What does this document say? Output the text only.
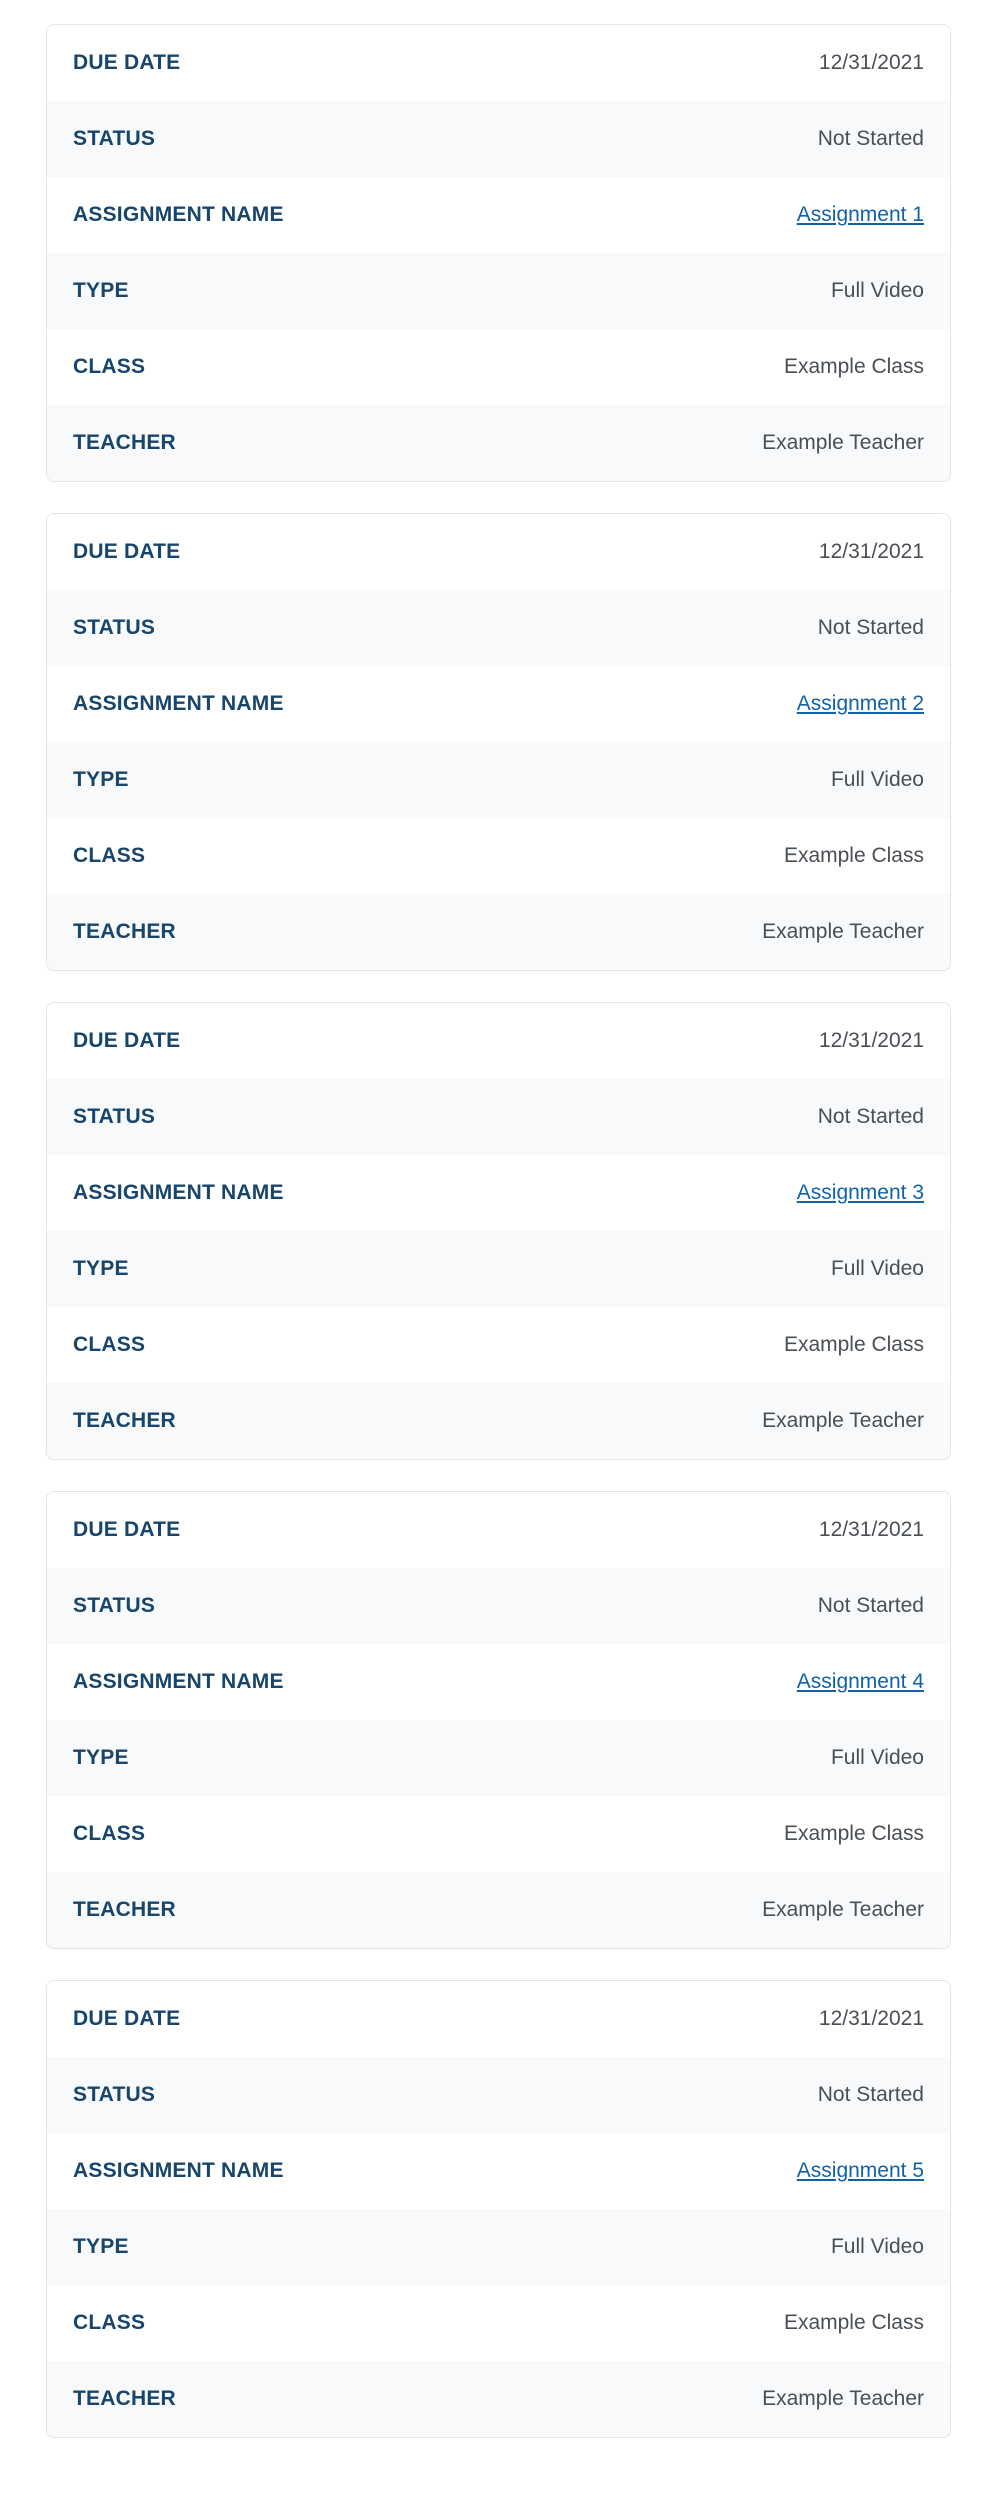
DUE DATE	12/31/2021
STATUS	Not Started
ASSIGNMENT NAME	Assignment 1
TYPE	Full Video
CLASS	Example Class
TEACHER	Example Teacher
DUE DATE	12/31/2021
STATUS	Not Started
ASSIGNMENT NAME	Assignment 2
TYPE	Full Video
CLASS	Example Class
TEACHER	Example Teacher
DUE DATE	12/31/2021
STATUS	Not Started
ASSIGNMENT NAME	Assignment 3
TYPE	Full Video
CLASS	Example Class
TEACHER	Example Teacher
DUE DATE	12/31/2021
STATUS	Not Started
ASSIGNMENT NAME	Assignment 4
TYPE	Full Video
CLASS	Example Class
TEACHER	Example Teacher
DUE DATE	12/31/2021
STATUS	Not Started
ASSIGNMENT NAME	Assignment 5
TYPE	Full Video
CLASS	Example Class
TEACHER	Example Teacher
